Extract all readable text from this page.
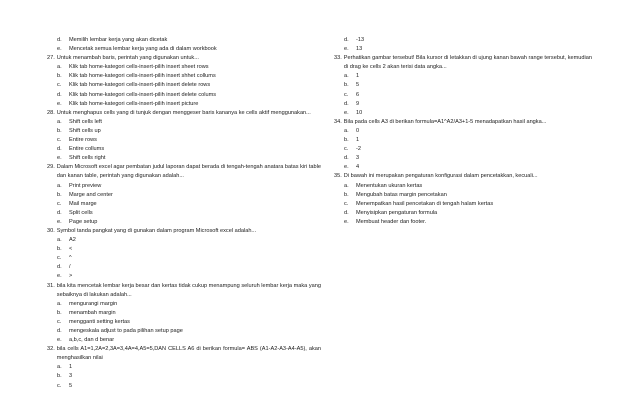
d.	Memilih lembar kerja yang akan dicetak
e.	Mencetak semua lembar kerja yang ada di dalam workbook
27. Untuk menambah baris, perintah yang digunakan untuk...
a.	Klik tab home-kategori cells-insert-pilih insert sheet rows
b.	Klik tab home-kategori cells-insert-pilih insert shhet collums
c.	Klik tab home-kategori cells-insert-pilih insert delete rows
d.	Klik tab home-kategori cells-insert-pilih insert delete colums
e.	Klik tab home-kategori cells-insert-pilih insert picture
28. Untuk menghapus cells yang di tunjuk dengan menggeser baris kananya ke cells aktif menggunakan...
a.	Shift cells left
b.	Shift cells up
c.	Entire rows
d.	Entire collums
e.	Shift cells right
29. Dalam Microsoft excel agar pembatan judul laporan dapat berada di tengah-tengah anatara batas kiri table dan kanan table, perintah yang digunakan adalah...
a.	Print preview
b.	Marge and center
c.	Mail marge
d.	Split cells
e.	Page setup
30. Symbol tanda pangkat yang di gunakan dalam program Microsoft excel adalah...
a.	A2
b.	<
c.	^
d.	/
e.	>
31. bila kita mencetak lembar kerja besar dan kertas tidak cukup menampung seluruh lembar kerja maka yang sebaiknya di lakukan adalah...
a.	mengurangi margin
b.	menambah margin
c.	mengganti setting kertas
d.	mengeskala adjust to pada pilihan setup page
e.	a,b,c, dan d benar
32. bila cells A1=1,2A=2,3A=3,4A=4,A5=5,DAN CELLS A6 di berikan formula= ABS (A1-A2-A3-A4-A5), akan menghasilkan nilai
a.	1
b.	3
c.	5
d.	-13
e.	13
33. Perhatikan gambar tersebut! Bila kursor di letakkan di ujung kanan bawah range tersebut, kemudian di drag ke cells 2 akan terisi data angka...
a.	1
b.	5
c.	6
d.	9
e.	10
34. Bila pada cells A3 di berikan formula=A1^A2/A3+1-5 menadapatkan hasil angka...
a.	0
b.	1
c.	-2
d.	3
e.	4
35. Di bawah ini merupakan pengaturan konfigurasi dalam pencetakkan, kecuali...
a.	Menentukan ukuran kertas
b.	Mengubah batas margin pencetakan
c.	Menempatkan hasil pencetakan di tengah halam kertas
d.	Menyisipkan pengaturan formula
e.	Membuat header dan footer.
